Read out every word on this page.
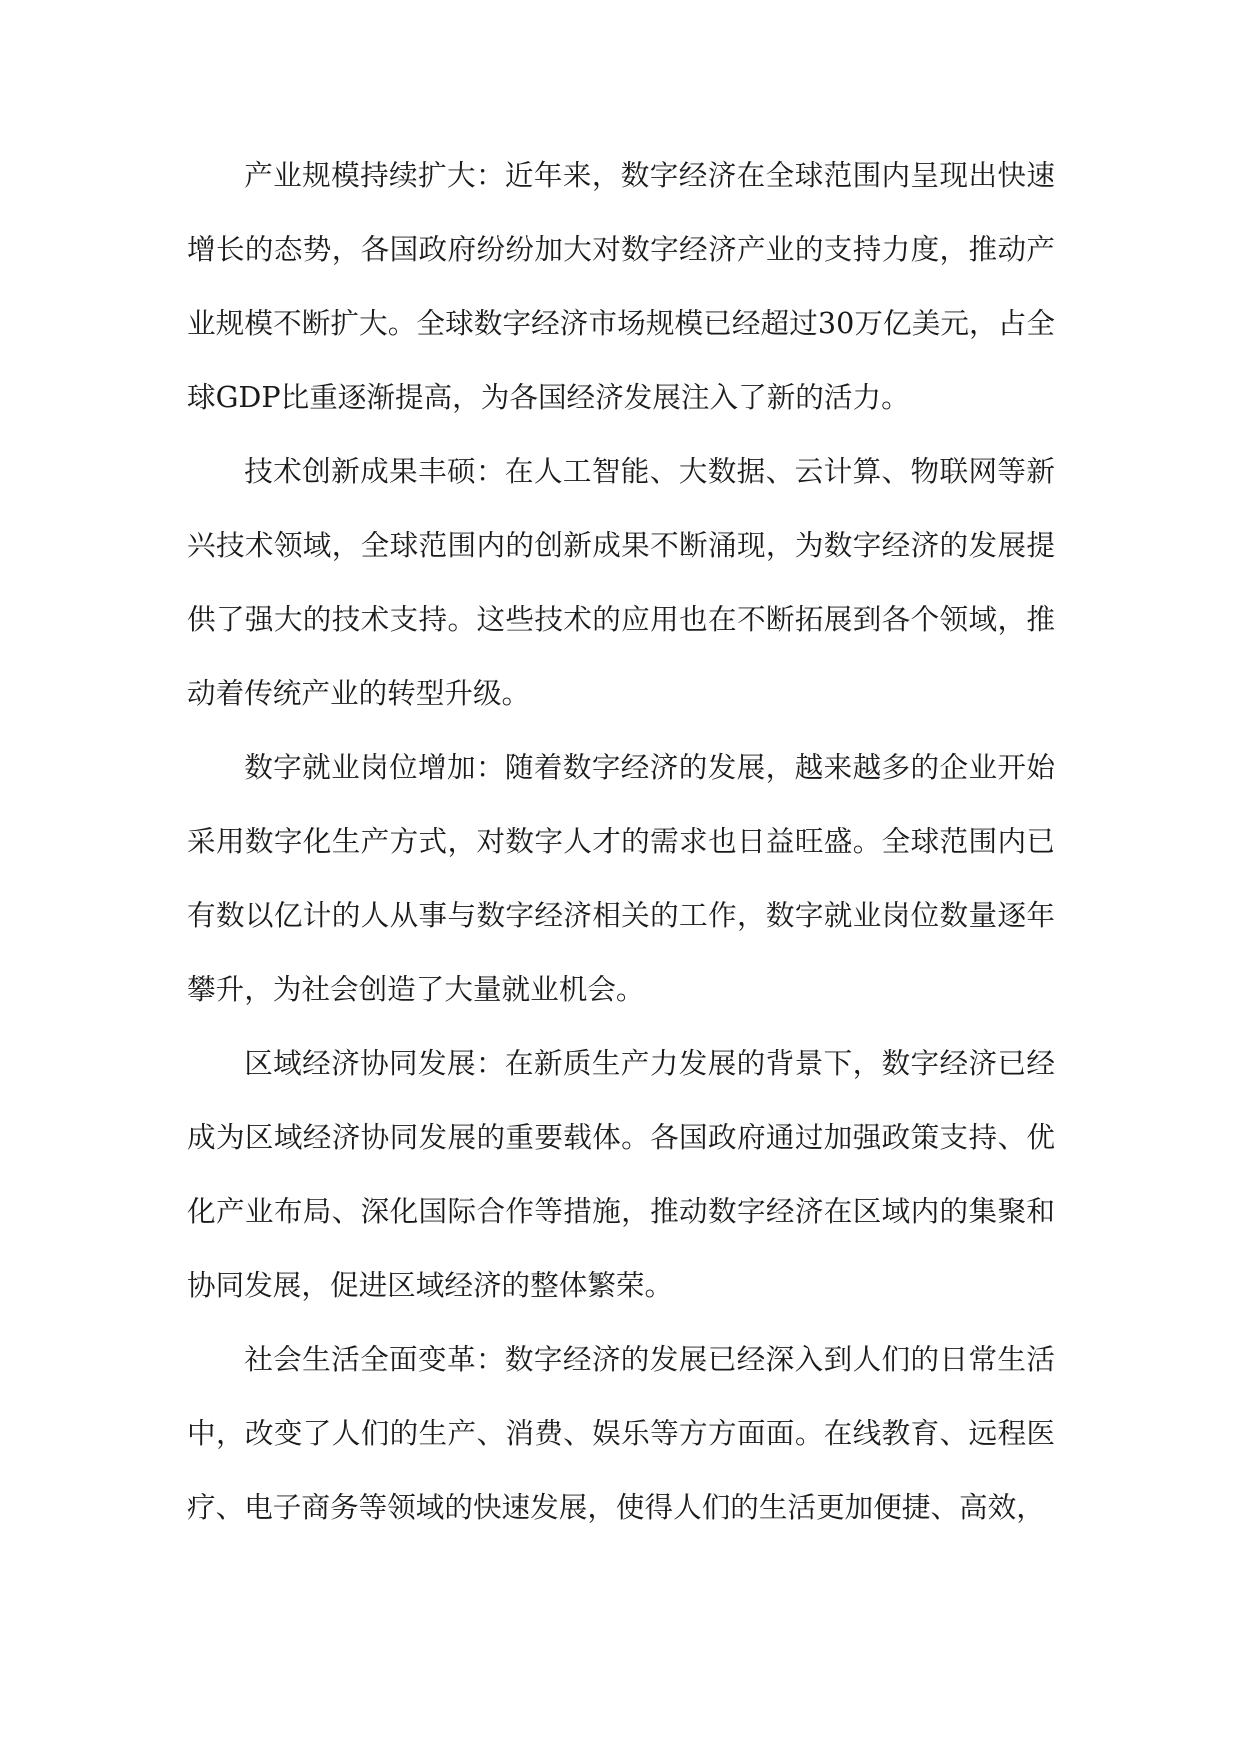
产业规模持续扩大：近年来，数字经济在全球范围内呈现出快速增长的态势，各国政府纷纷加大对数字经济产业的支持力度，推动产业规模不断扩大。全球数字经济市场规模已经超过30万亿美元，占全球GDP比重逐渐提高，为各国经济发展注入了新的活力。

技术创新成果丰硕：在人工智能、大数据、云计算、物联网等新兴技术领域，全球范围内的创新成果不断涌现，为数字经济的发展提供了强大的技术支持。这些技术的应用也在不断拓展到各个领域，推动着传统产业的转型升级。

数字就业岗位增加：随着数字经济的发展，越来越多的企业开始采用数字化生产方式，对数字人才的需求也日益旺盛。全球范围内已有数以亿计的人从事与数字经济相关的工作，数字就业岗位数量逐年攀升，为社会创造了大量就业机会。

区域经济协同发展：在新质生产力发展的背景下，数字经济已经成为区域经济协同发展的重要载体。各国政府通过加强政策支持、优化产业布局、深化国际合作等措施，推动数字经济在区域内的集聚和协同发展，促进区域经济的整体繁荣。

社会生活全面变革：数字经济的发展已经深入到人们的日常生活中，改变了人们的生产、消费、娱乐等方方面面。在线教育、远程医疗、电子商务等领域的快速发展，使得人们的生活更加便捷、高效，
